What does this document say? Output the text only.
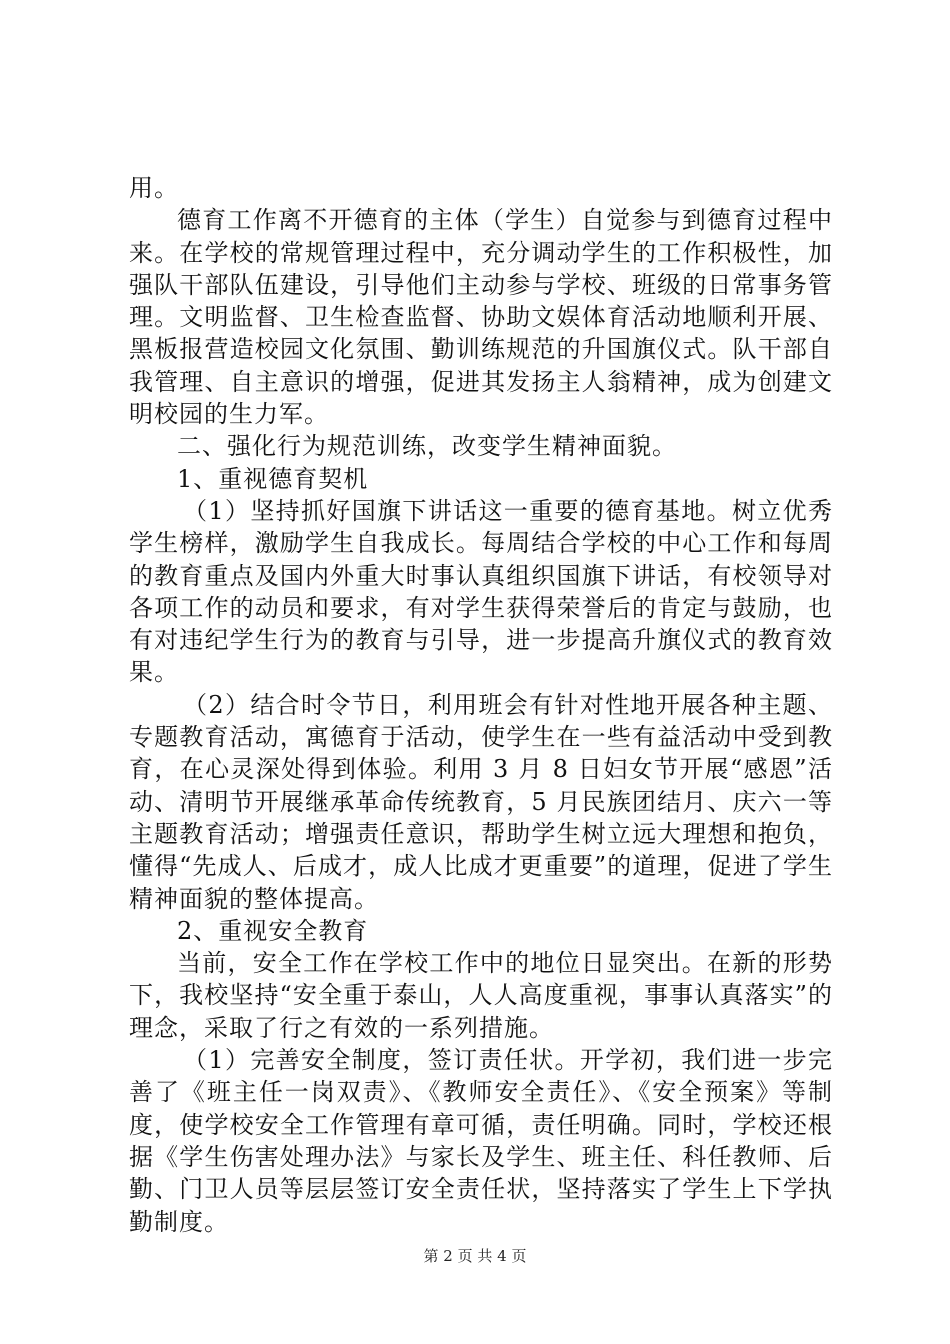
用。

德育工作离不开德育的主体（学生）自觉参与到德育过程中来。在学校的常规管理过程中，充分调动学生的工作积极性，加强队干部队伍建设，引导他们主动参与学校、班级的日常事务管理。文明监督、卫生检查监督、协助文娱体育活动地顺利开展、黑板报营造校园文化氛围、勤训练规范的升国旗仪式。队干部自我管理、自主意识的增强，促进其发扬主人翁精神，成为创建文明校园的生力军。

二、强化行为规范训练，改变学生精神面貌。

1、重视德育契机

（1）坚持抓好国旗下讲话这一重要的德育基地。树立优秀学生榜样，激励学生自我成长。每周结合学校的中心工作和每周的教育重点及国内外重大时事认真组织国旗下讲话，有校领导对各项工作的动员和要求，有对学生获得荣誉后的肯定与鼓励，也有对违纪学生行为的教育与引导，进一步提高升旗仪式的教育效果。

（2）结合时令节日，利用班会有针对性地开展各种主题、专题教育活动，寓德育于活动，使学生在一些有益活动中受到教育，在心灵深处得到体验。利用 3 月 8 日妇女节开展“感恩”活动、清明节开展继承革命传统教育，5 月民族团结月、庆六一等主题教育活动；增强责任意识，帮助学生树立远大理想和抱负，懂得“先成人、后成才，成人比成才更重要”的道理，促进了学生精神面貌的整体提高。

2、重视安全教育

当前，安全工作在学校工作中的地位日显突出。在新的形势下，我校坚持“安全重于泰山，人人高度重视，事事认真落实”的理念，采取了行之有效的一系列措施。

（1）完善安全制度，签订责任状。开学初，我们进一步完善了《班主任一岗双责》、《教师安全责任》、《安全预案》等制度，使学校安全工作管理有章可循，责任明确。同时，学校还根据《学生伤害处理办法》与家长及学生、班主任、科任教师、后勤、门卫人员等层层签订安全责任状，坚持落实了学生上下学执勤制度。

第 2 页 共 4 页
